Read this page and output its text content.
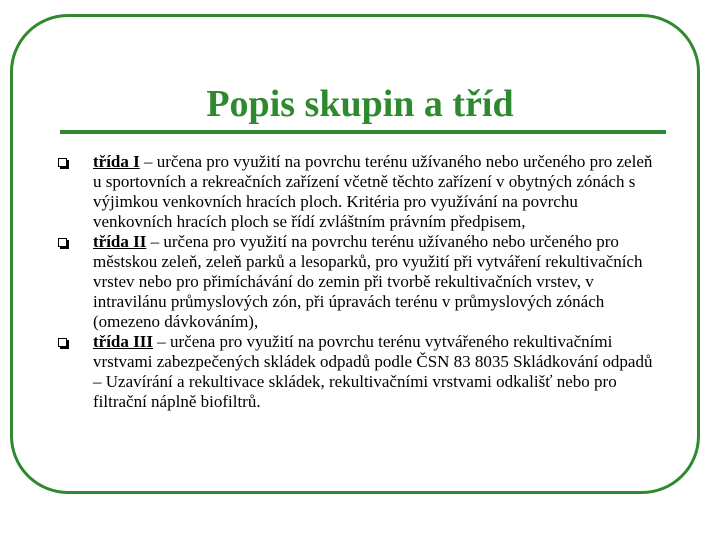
Popis skupin a tříd
třída I – určena pro využití na povrchu terénu užívaného nebo určeného pro zeleň u sportovních a rekreačních zařízení včetně těchto zařízení v obytných zónách s výjimkou venkovních hracích ploch. Kritéria pro využívání na povrchu venkovních hracích ploch se řídí zvláštním právním předpisem,
třída II – určena pro využití na povrchu terénu užívaného nebo určeného pro městskou zeleň, zeleň parků a lesoparků, pro využití při vytváření rekultivačních vrstev nebo pro přimíchávání do zemin při tvorbě rekultivačních vrstev, v intravilánu průmyslových zón, při úpravách terénu v průmyslových zónách (omezeno dávkováním),
třída III – určena pro využití na povrchu terénu vytvářeného rekultivačními vrstvami zabezpečených skládek odpadů podle ČSN 83 8035 Skládkování odpadů – Uzavírání a rekultivace skládek, rekultivačními vrstvami odkališť nebo pro filtrační náplně biofiltrů.
